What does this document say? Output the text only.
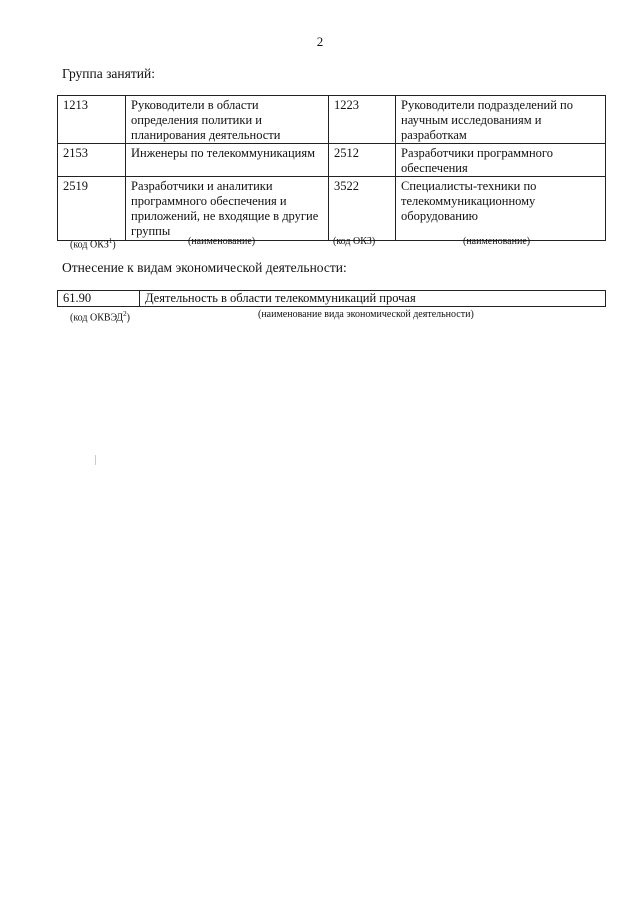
2
Группа занятий:
1213	Руководители в области определения политики и планирования деятельности	1223	Руководители подразделений по научным исследованиям и разработкам
2153	Инженеры по телекоммуникациям	2512	Разработчики программного обеспечения
2519	Разработчики и аналитики программного обеспечения и приложений, не входящие в другие группы	3522	Специалисты-техники по телекоммуникационному оборудованию
(код ОКЗ$^1$)	(наименование)	(код ОКЗ)	(наименование)
Отнесение к видам экономической деятельности:
61.90	Деятельность в области телекоммуникаций прочая
(код ОКВЭД$^2$)	(наименование вида экономической деятельности)
